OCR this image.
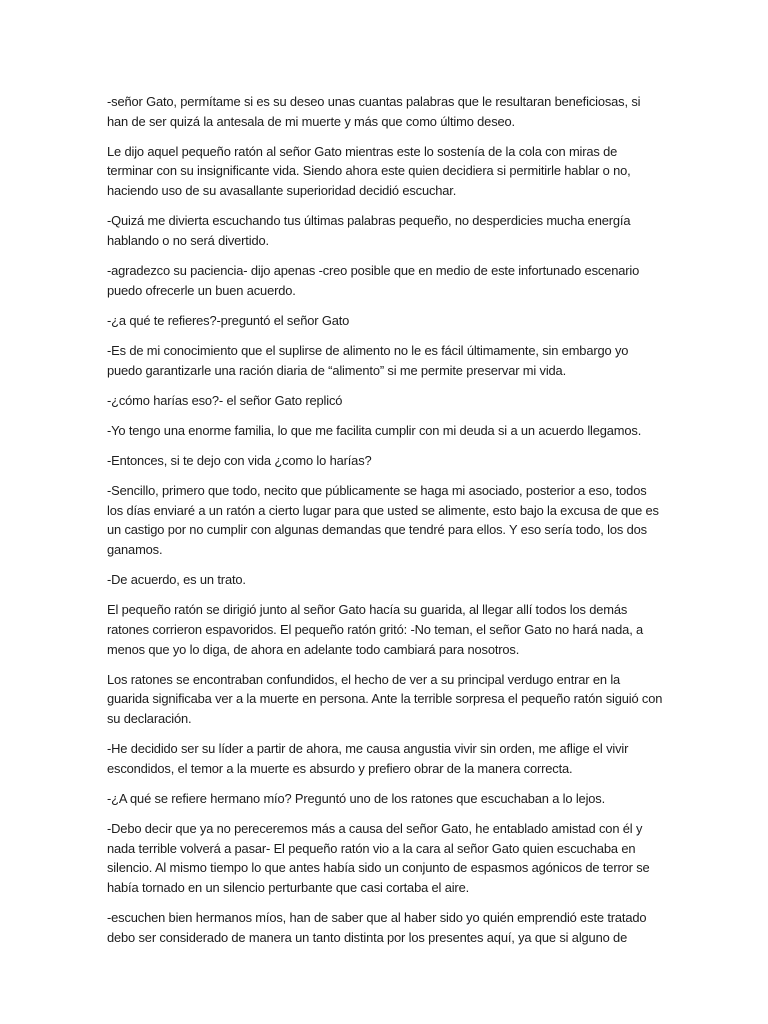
-señor Gato, permítame si es su deseo unas cuantas palabras que le resultaran beneficiosas, si han de ser quizá la antesala de mi muerte y más que como último deseo.

Le dijo aquel pequeño ratón al señor Gato mientras este lo sostenía de la cola con miras de terminar con su insignificante vida. Siendo ahora este quien decidiera si permitirle hablar o no, haciendo uso de su avasallante superioridad decidió escuchar.

-Quizá me divierta escuchando tus últimas palabras pequeño, no desperdicies mucha energía hablando o no será divertido.

-agradezco su paciencia- dijo apenas -creo posible que en medio de este infortunado escenario puedo ofrecerle un buen acuerdo.

-¿a qué te refieres?-preguntó el señor Gato

-Es de mi conocimiento que el suplirse de alimento no le es fácil últimamente, sin embargo yo puedo garantizarle una ración diaria de “alimento” si me permite preservar mi vida.

-¿cómo harías eso?- el señor Gato replicó

-Yo tengo una enorme familia, lo que me facilita cumplir con mi deuda si a un acuerdo llegamos.

-Entonces, si te dejo con vida ¿como lo harías?

-Sencillo, primero que todo, necito que públicamente se haga mi asociado, posterior a eso, todos los días enviaré a un ratón a cierto lugar para que usted se alimente, esto bajo la excusa de que es un castigo por no cumplir con algunas demandas que tendré para ellos. Y eso sería todo, los dos ganamos.

-De acuerdo, es un trato.

El pequeño ratón se dirigió junto al señor Gato hacía su guarida, al llegar allí todos los demás ratones corrieron espavoridos. El pequeño ratón gritó: -No teman, el señor Gato no hará nada, a menos que yo lo diga, de ahora en adelante todo cambiará para nosotros.

Los ratones se encontraban confundidos, el hecho de ver a su principal verdugo entrar en la guarida significaba ver a la muerte en persona. Ante la terrible sorpresa el pequeño ratón siguió con su declaración.

-He decidido ser su líder a partir de ahora, me causa angustia vivir sin orden, me aflige el vivir escondidos, el temor a la muerte es absurdo y prefiero obrar de la manera correcta.

-¿A qué se refiere hermano mío? Preguntó uno de los ratones que escuchaban a lo lejos.

-Debo decir que ya no pereceremos más a causa del señor Gato, he entablado amistad con él y nada terrible volverá a pasar- El pequeño ratón vio a la cara al señor Gato quien escuchaba en silencio. Al mismo tiempo lo que antes había sido un conjunto de espasmos agónicos de terror se había tornado en un silencio perturbante que casi cortaba el aire.

-escuchen bien hermanos míos, han de saber que al haber sido yo quién emprendió este tratado debo ser considerado de manera un tanto distinta por los presentes aquí, ya que si alguno de
